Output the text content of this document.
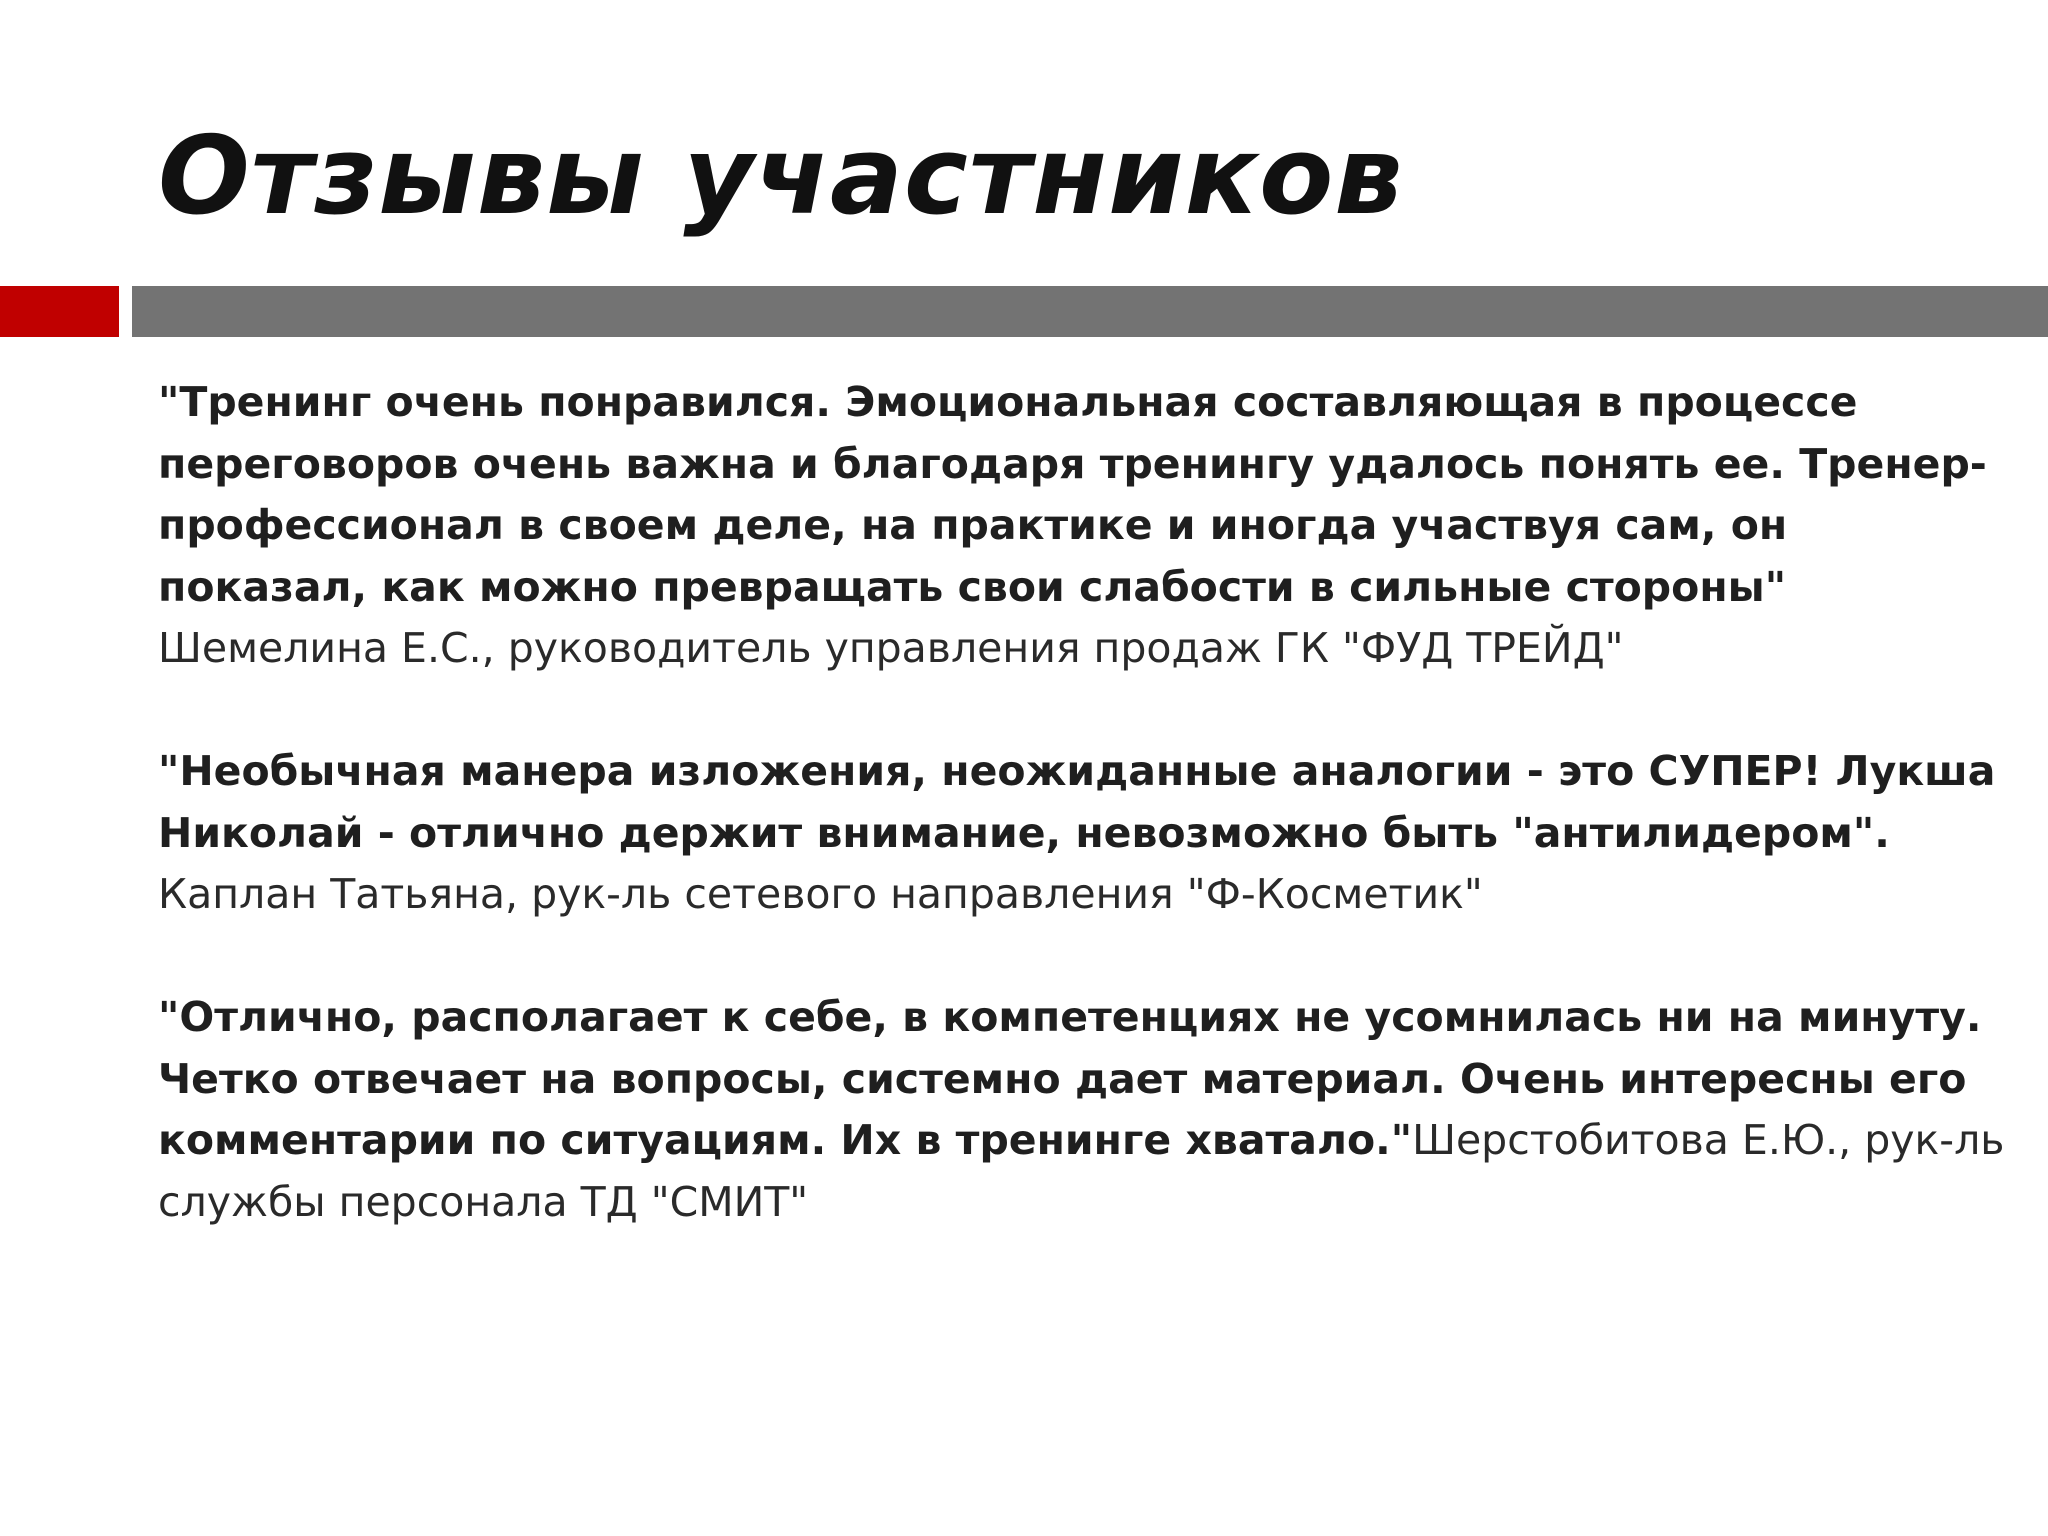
Отзывы участников

"Тренинг очень понравился. Эмоциональная составляющая в процессе переговоров очень важна и благодаря тренингу удалось понять ее. Тренер-профессионал в своем деле, на практике и иногда участвуя сам, он показал, как можно превращать свои слабости в сильные стороны" Шемелина Е.С., руководитель управления продаж ГК "ФУД ТРЕЙД"

"Необычная манера изложения, неожиданные аналогии - это СУПЕР! Лукша Николай - отлично держит внимание, невозможно быть "антилидером".  Каплан Татьяна, рук-ль сетевого направления "Ф-Косметик"

"Отлично, располагает к себе, в компетенциях не усомнилась ни на минуту. Четко отвечает на вопросы, системно дает материал. Очень интересны его комментарии по ситуациям. Их в тренинге хватало."Шерстобитова Е.Ю., рук-ль службы персонала ТД "СМИТ"
